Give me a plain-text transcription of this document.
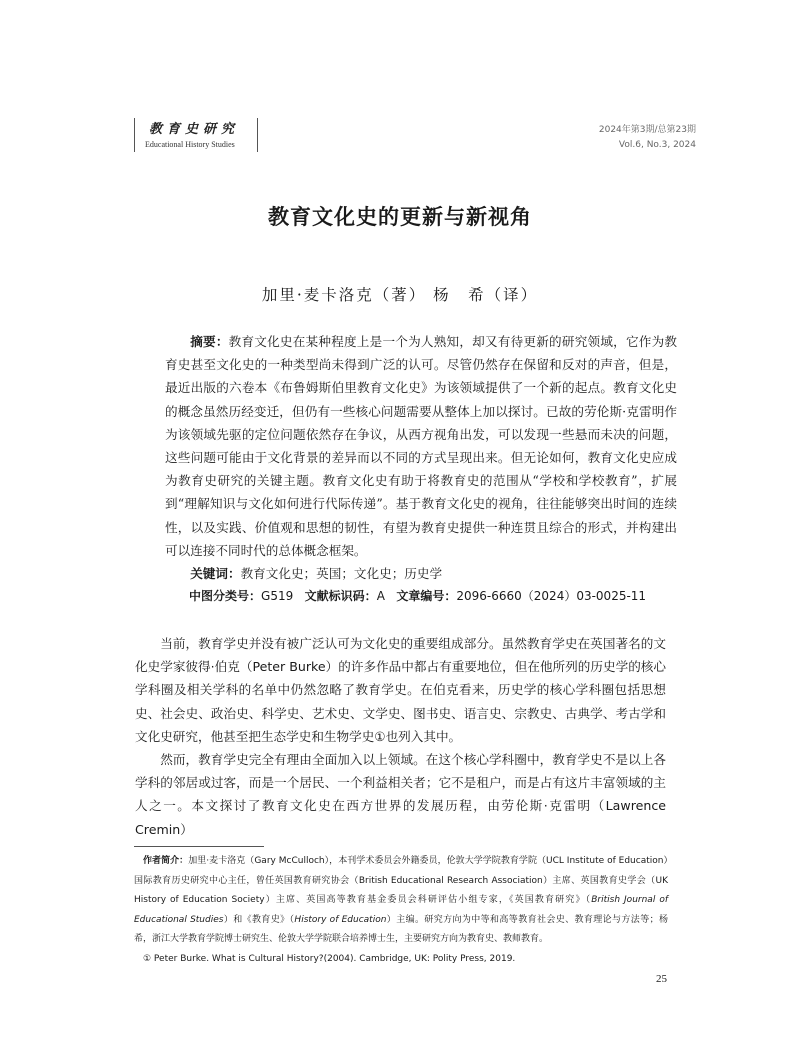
教育史研究
Educational History Studies
2024年第3期/总第23期
Vol.6, No.3, 2024
教育文化史的更新与新视角
加里·麦卡洛克（著） 杨　希（译）

摘要：教育文化史在某种程度上是一个为人熟知，却又有待更新的研究领域，它作为教育史甚至文化史的一种类型尚未得到广泛的认可。尽管仍然存在保留和反对的声音，但是，最近出版的六卷本《布鲁姆斯伯里教育文化史》为该领域提供了一个新的起点。教育文化史的概念虽然历经变迁，但仍有一些核心问题需要从整体上加以探讨。已故的劳伦斯·克雷明作为该领域先驱的定位问题依然存在争议，从西方视角出发，可以发现一些悬而未决的问题，这些问题可能由于文化背景的差异而以不同的方式呈现出来。但无论如何，教育文化史应成为教育史研究的关键主题。教育文化史有助于将教育史的范围从“学校和学校教育”，扩展到“理解知识与文化如何进行代际传递”。基于教育文化史的视角，往往能够突出时间的连续性，以及实践、价值观和思想的韧性，有望为教育史提供一种连贯且综合的形式，并构建出可以连接不同时代的总体概念框架。

关键词：教育文化史；英国；文化史；历史学

中图分类号：G519 文献标识码：A 文章编号：2096-6660（2024）03-0025-11

当前，教育学史并没有被广泛认可为文化史的重要组成部分。虽然教育学史在英国著名的文化史学家彼得·伯克（Peter Burke）的许多作品中都占有重要地位，但在他所列的历史学的核心学科圈及相关学科的名单中仍然忽略了教育学史。在伯克看来，历史学的核心学科圈包括思想史、社会史、政治史、科学史、艺术史、文学史、图书史、语言史、宗教史、古典学、考古学和文化史研究，他甚至把生态学史和生物学史①也列入其中。

然而，教育学史完全有理由全面加入以上领域。在这个核心学科圈中，教育学史不是以上各学科的邻居或过客，而是一个居民、一个利益相关者；它不是租户，而是占有这片丰富领域的主人之一。本文探讨了教育文化史在西方世界的发展历程，由劳伦斯·克雷明（Lawrence Cremin）

作者简介：加里·麦卡洛克（Gary McCulloch），本刊学术委员会外籍委员，伦敦大学学院教育学院（UCL Institute of Education）国际教育历史研究中心主任，曾任英国教育研究协会（British Educational Research Association）主席、英国教育史学会（UK History of Education Society）主席、英国高等教育基金委员会科研评估小组专家，《英国教育研究》（British Journal of Educational Studies）和《教育史》（History of Education）主编。研究方向为中等和高等教育社会史、教育理论与方法等；杨希，浙江大学教育学院博士研究生、伦敦大学学院联合培养博士生，主要研究方向为教育史、教师教育。

① Peter Burke. What is Cultural History?(2004). Cambridge, UK: Polity Press, 2019.

25
